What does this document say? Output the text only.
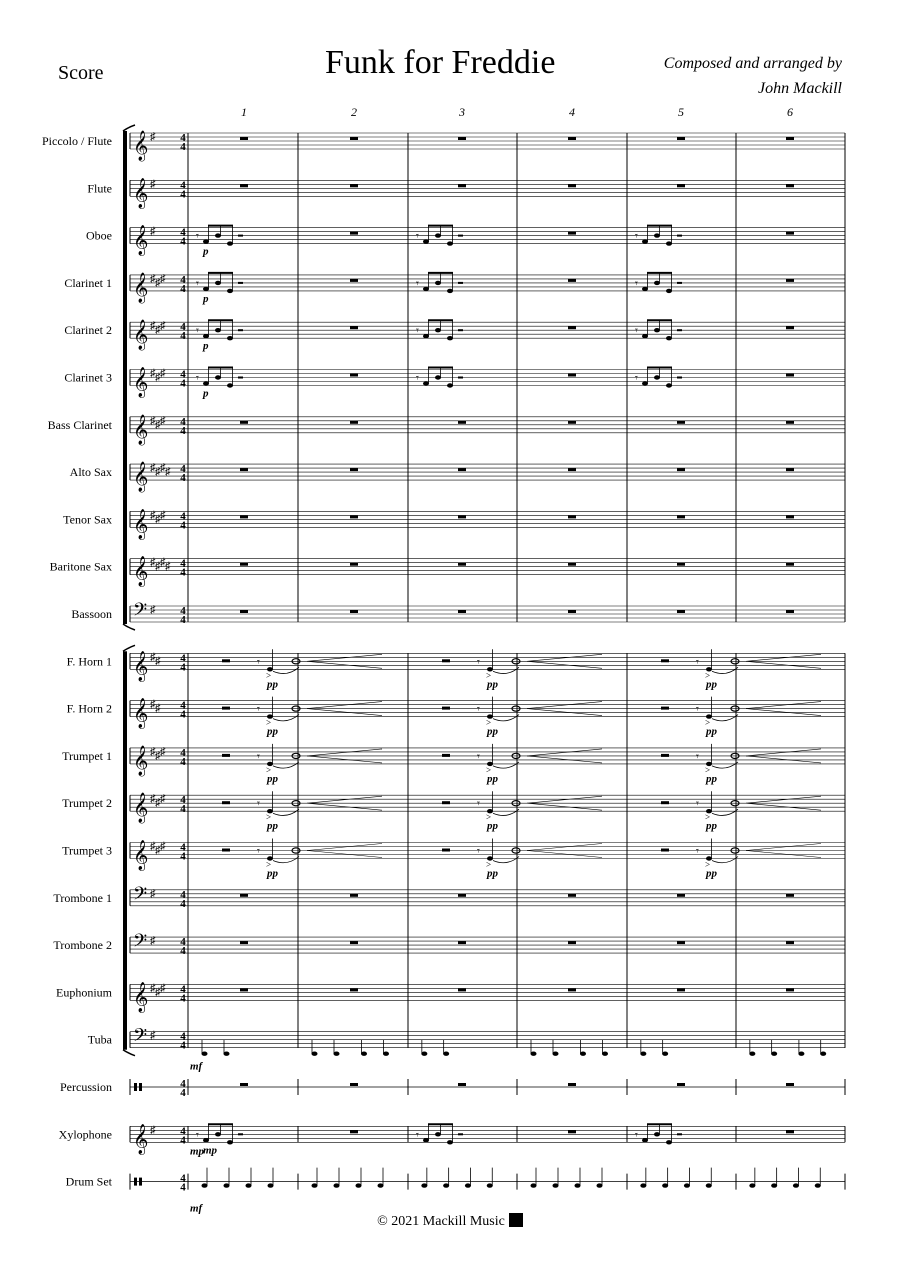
Score	Funk for Freddie	Composed and arranged by
John Mackill
1	2	3	4	5	6
Piccolo / Flute 𝄞 ♯ 4
4
Flute 𝄞 ♯ 4
4
Oboe 𝄞 ♯ 4
4 𝄾
p
𝄾	𝄾
Clarinet 1 𝄞 ♯ ♯ ♯ 4
4 𝄾
p
𝄾	𝄾
Clarinet 2 𝄞 ♯ ♯ ♯ 4
4 𝄾
p
𝄾	𝄾
Clarinet 3 𝄞 ♯ ♯ ♯ 4
4 𝄾
p
𝄾	𝄾
Bass Clarinet 𝄞 ♯ ♯ ♯ 4
4
Alto Sax 𝄞 ♯ ♯ ♯ ♯ 4
4
Tenor Sax 𝄞 ♯ ♯ ♯ 4
4
Baritone Sax 𝄞 ♯ ♯ ♯ ♯ 4
4
Bassoon 𝄢 ♯ 4
4
F. Horn 1 𝄞 ♯ ♯ 4
4	𝄾
>
pp
𝄾
>
pp
𝄾
>
pp
F. Horn 2 𝄞 ♯ ♯ 4
4	𝄾
>
pp
𝄾
>
pp
𝄾
>
pp
Trumpet 1 𝄞 ♯ ♯ ♯ 4
4	𝄾
>
pp
𝄾
>
pp
𝄾
>
pp
Trumpet 2 𝄞 ♯ ♯ ♯ 4
4	𝄾
>
pp
𝄾
>
pp
𝄾
>
pp
Trumpet 3 𝄞 ♯ ♯ ♯ 4
4	𝄾
>
pp
𝄾
>
pp
𝄾
>
pp
Trombone 1 𝄢 ♯ 4
4
Trombone 2 𝄢 ♯ 4
4
Euphonium 𝄞 ♯ ♯ ♯ 4
4
Tuba 𝄢 ♯ 4
4
mf
Percussion	4
4
Xylophone 𝄞 ♯ 4
4 𝄾
mp
𝄾	𝄾
mp
Drum Set	4
4
mf
© 2021 Mackill Music
